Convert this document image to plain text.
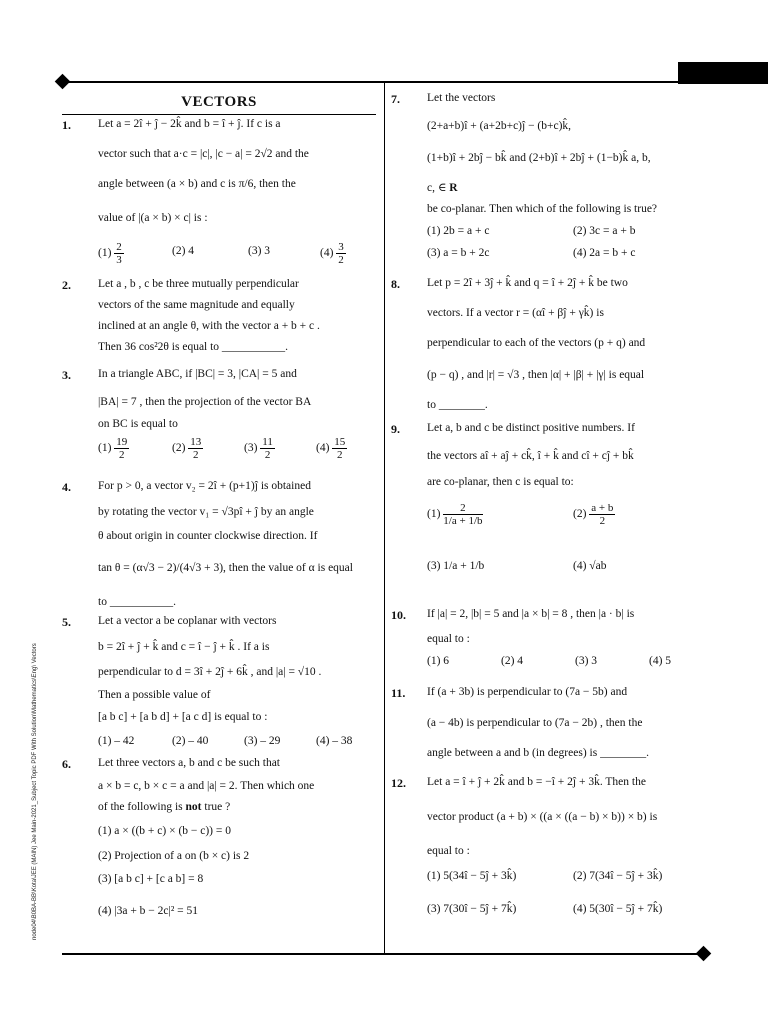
node04\B0BA-BB\Kota\JEE (MAIN) Jee Main-2021_Subject Topic PDF With Solution\Mathematics\Eng\ Vectors
VECTORS
1. Let a = 2î + ĵ − 2k̂ and b = î + ĵ. If c is a
vector such that a·c = |c|, |c − a| = 2√2 and the
angle between (a × b) and c is π/6, then the
value of |(a × b) × c| is :
$(1) \frac{2}{3}$	(2) 4	(3) 3	$(4) \frac{3}{2}$
2. Let a , b , c be three mutually perpendicular
vectors of the same magnitude and equally
inclined at an angle θ, with the vector a + b + c .
Then 36 cos²2θ is equal to ___________.
3. In a triangle ABC, if |BC| = 3, |CA| = 5 and
|BA| = 7 , then the projection of the vector BA
on BC is equal to
$(1) \frac{19}{2}$	$(2) \frac{13}{2}$	$(3) \frac{11}{2}$	$(4) \frac{15}{2}$
4. For p > 0, a vector v₂ = 2î + (p+1)ĵ is obtained
by rotating the vector v₁ = √3pî + ĵ by an angle
θ about origin in counter clockwise direction. If
tan θ = (α√3 − 2)/(4√3 + 3), then the value of α is equal
to ___________.
5. Let a vector a be coplanar with vectors
b = 2î + ĵ + k̂ and c = î − ĵ + k̂ . If a is
perpendicular to d = 3î + 2ĵ + 6k̂ , and |a| = √10 .
Then a possible value of
[a b c] + [a b d] + [a c d] is equal to :
(1) – 42	(2) – 40	(3) – 29	(4) – 38
6. Let three vectors a, b and c be such that
a × b = c, b × c = a and |a| = 2. Then which one
of the following is not true ?
(1) a × ((b + c) × (b − c)) = 0
(2) Projection of a on (b × c) is 2
(3) [a b c] + [c a b] = 8
(4) |3a + b − 2c|² = 51
7. Let the vectors
(2+a+b)î + (a+2b+c)ĵ − (b+c)k̂,
(1+b)î + 2bĵ − bk̂ and (2+b)î + 2bĵ + (1−b)k̂ a, b,
c, ∈ R
be co-planar. Then which of the following is true?
(1) 2b = a + c	(2) 3c = a + b
(3) a = b + 2c	(4) 2a = b + c
8. Let p = 2î + 3ĵ + k̂ and q = î + 2ĵ + k̂ be two
vectors. If a vector r = (αî + βĵ + γk̂) is
perpendicular to each of the vectors (p + q) and
(p − q) , and |r| = √3 , then |α| + |β| + |γ| is equal
to ________.
9. Let a, b and c be distinct positive numbers. If
the vectors aî + aĵ + ck̂, î + k̂ and cî + cĵ + bk̂
are co-planar, then c is equal to:
$(1) \frac{2}{1/a + 1/b}$	$(2) \frac{a + b}{2}$
(3) 1/a + 1/b	(4) √ab
10. If |a| = 2, |b| = 5 and |a × b| = 8 , then |a · b| is
equal to :
(1) 6	(2) 4	(3) 3	(4) 5
11. If (a + 3b) is perpendicular to (7a − 5b) and
(a − 4b) is perpendicular to (7a − 2b) , then the
angle between a and b (in degrees) is ________.
12. Let a = î + ĵ + 2k̂ and b = −î + 2ĵ + 3k̂. Then the
vector product (a + b) × ((a × ((a − b) × b)) × b) is
equal to :
(1) 5(34î − 5ĵ + 3k̂)	(2) 7(34î − 5ĵ + 3k̂)
(3) 7(30î − 5ĵ + 7k̂)	(4) 5(30î − 5ĵ + 7k̂)
